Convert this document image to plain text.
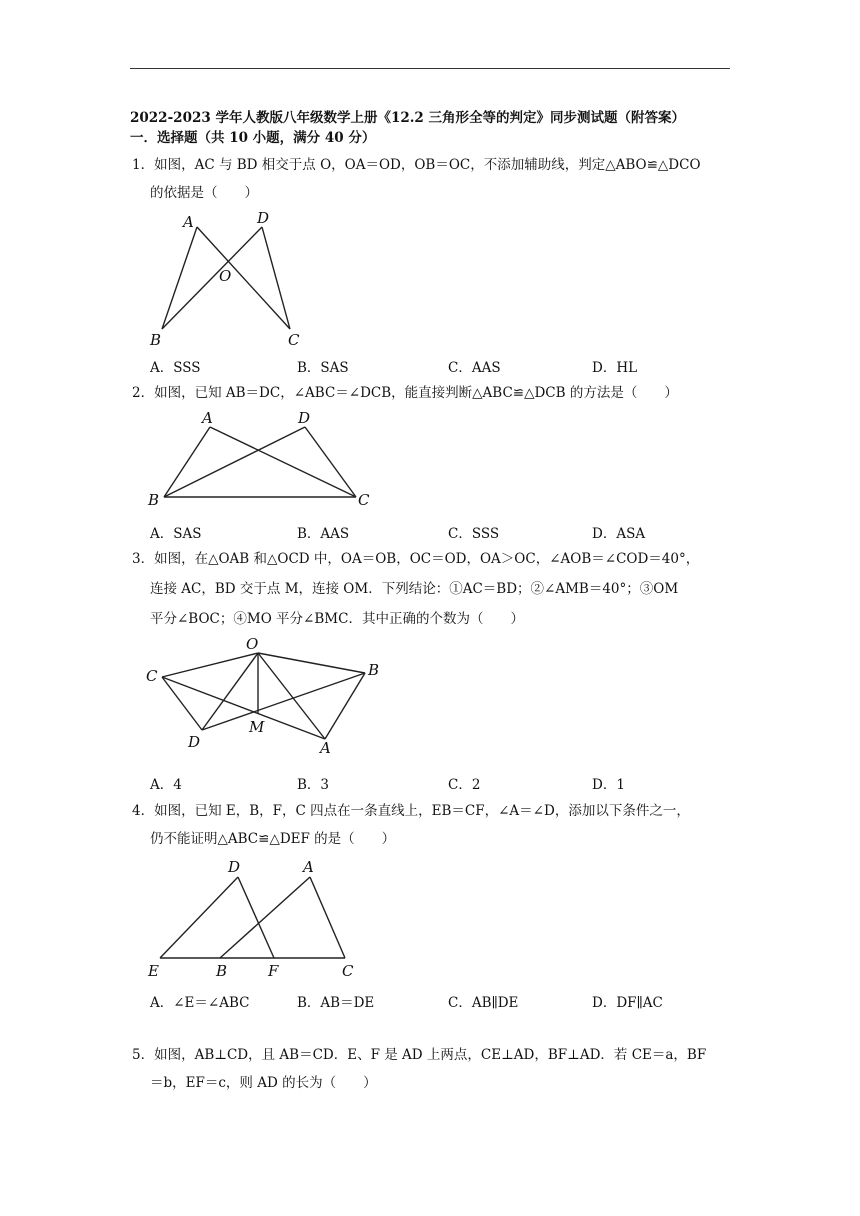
2022-2023 学年人教版八年级数学上册《12.2 三角形全等的判定》同步测试题（附答案）
一．选择题（共 10 小题，满分 40 分）
1．如图，AC 与 BD 相交于点 O，OA＝OD，OB＝OC，不添加辅助线，判定△ABO≌△DCO
的依据是（　　）
A	D
O
B	C
A．SSS	B．SAS	C．AAS	D．HL
2．如图，已知 AB＝DC，∠ABC＝∠DCB，能直接判断△ABC≌△DCB 的方法是（　　）
A	D
B	C
A．SAS	B．AAS	C．SSS	D．ASA
3．如图，在△OAB 和△OCD 中，OA＝OB，OC＝OD，OA＞OC，∠AOB＝∠COD＝40°，
连接 AC，BD 交于点 M，连接 OM．下列结论：①AC＝BD；②∠AMB＝40°；③OM
平分∠BOC；④MO 平分∠BMC．其中正确的个数为（　　）
O
C	B
D
M
A
A．4	B．3	C．2	D．1
4．如图，已知 E，B，F，C 四点在一条直线上，EB＝CF，∠A＝∠D，添加以下条件之一，
仍不能证明△ABC≌△DEF 的是（　　）
D	A
E	B	F	C
A．∠E＝∠ABC	B．AB＝DE	C．AB∥DE	D．DF∥AC
5．如图，AB⊥CD，且 AB＝CD．E、F 是 AD 上两点，CE⊥AD，BF⊥AD．若 CE＝a，BF
＝b，EF＝c，则 AD 的长为（　　）
